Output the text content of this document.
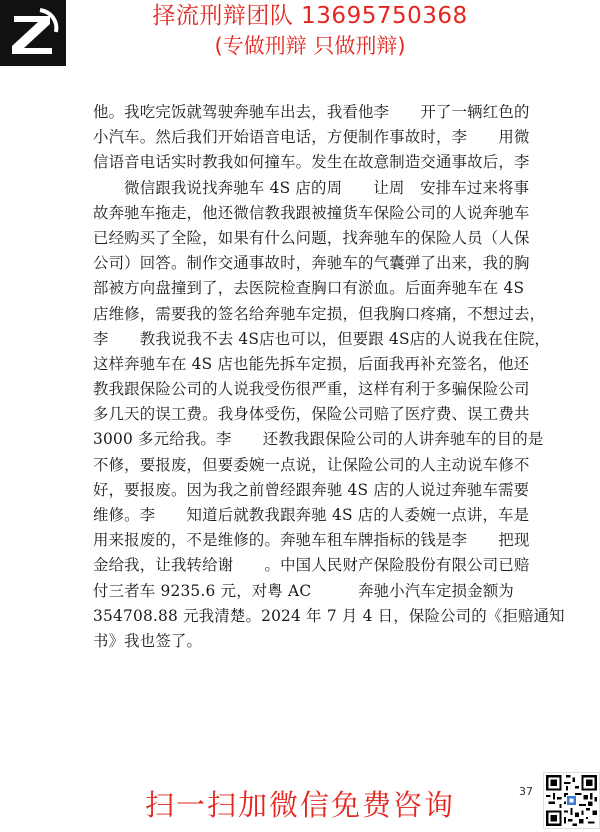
择流刑辩团队 13695750368
(专做刑辩 只做刑辩)
他。我吃完饭就驾驶奔驰车出去，我看他李　　开了一辆红色的
小汽车。然后我们开始语音电话，方便制作事故时，李　　用微
信语音电话实时教我如何撞车。发生在故意制造交通事故后，李
　　微信跟我说找奔驰车 4S 店的周　　让周　安排车过来将事
故奔驰车拖走，他还微信教我跟被撞货车保险公司的人说奔驰车
已经购买了全险，如果有什么问题，找奔驰车的保险人员（人保
公司）回答。制作交通事故时，奔驰车的气囊弹了出来，我的胸
部被方向盘撞到了，去医院检查胸口有淤血。后面奔驰车在 4S
店维修，需要我的签名给奔驰车定损，但我胸口疼痛，不想过去，
李　　教我说我不去 4S店也可以，但要跟 4S店的人说我在住院，
这样奔驰车在 4S 店也能先拆车定损，后面我再补充签名，他还
教我跟保险公司的人说我受伤很严重，这样有利于多骗保险公司
多几天的误工费。我身体受伤，保险公司赔了医疗费、误工费共
3000 多元给我。李　　还教我跟保险公司的人讲奔驰车的目的是
不修，要报废，但要委婉一点说，让保险公司的人主动说车修不
好，要报废。因为我之前曾经跟奔驰 4S 店的人说过奔驰车需要
维修。李　　知道后就教我跟奔驰 4S 店的人委婉一点讲，车是
用来报废的，不是维修的。奔驰车租车牌指标的钱是李　　把现
金给我，让我转给谢　　。中国人民财产保险股份有限公司已赔
付三者车 9235.6 元，对粤 AC　　　奔驰小汽车定损金额为
354708.88 元我清楚。2024 年 7 月 4 日，保险公司的《拒赔通知
书》我也签了。
37
扫一扫加微信免费咨询
